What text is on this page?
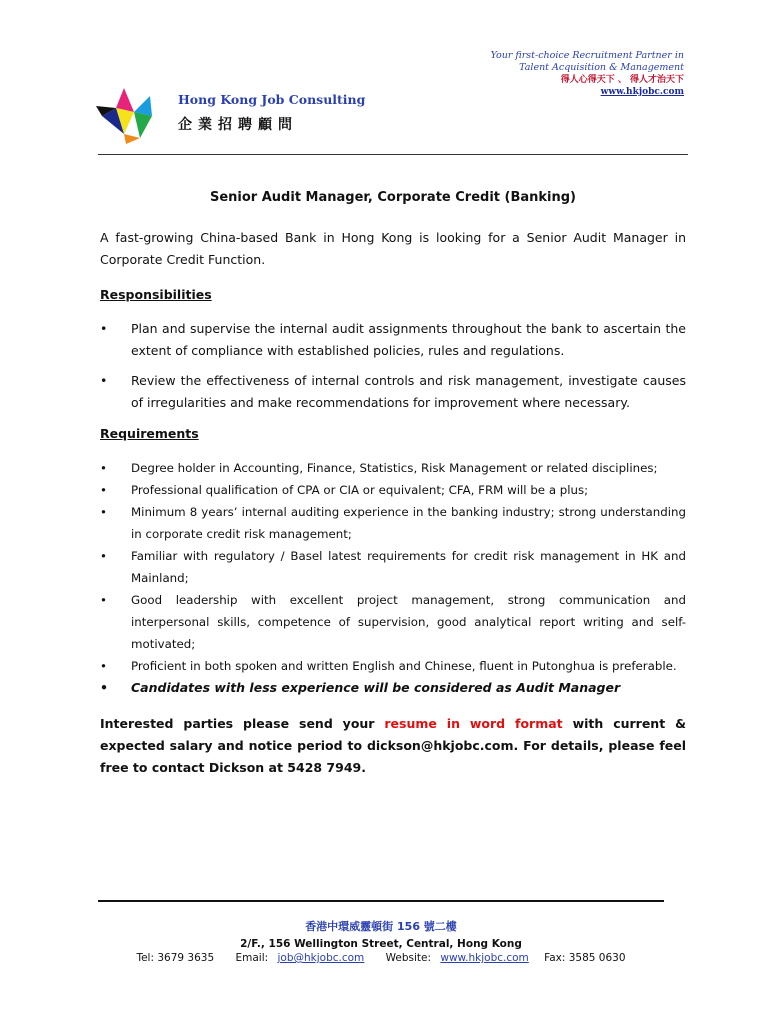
Your first-choice Recruitment Partner in
Talent Acquisition & Management
得人心得天下 、 得人才治天下
www.hkjobc.com
Hong Kong Job Consulting
企業招聘顧問
Senior Audit Manager, Corporate Credit (Banking)

A fast-growing China-based Bank in Hong Kong is looking for a Senior Audit Manager in Corporate Credit Function.

Responsibilities
• Plan and supervise the internal audit assignments throughout the bank to ascertain the extent of compliance with established policies, rules and regulations.
• Review the effectiveness of internal controls and risk management, investigate causes of irregularities and make recommendations for improvement where necessary.
Requirements
• Degree holder in Accounting, Finance, Statistics, Risk Management or related disciplines;
• Professional qualification of CPA or CIA or equivalent; CFA, FRM will be a plus;
• Minimum 8 years’ internal auditing experience in the banking industry; strong understanding in corporate credit risk management;
• Familiar with regulatory / Basel latest requirements for credit risk management in HK and Mainland;
• Good leadership with excellent project management, strong communication and interpersonal skills, competence of supervision, good analytical report writing and self-motivated;
• Proficient in both spoken and written English and Chinese, fluent in Putonghua is preferable.
• Candidates with less experience will be considered as Audit Manager

Interested parties please send your resume in word format with current & expected salary and notice period to dickson@hkjobc.com. For details, please feel free to contact Dickson at 5428 7949.

香港中環威靈頓街 156 號二樓
2/F., 156 Wellington Street, Central, Hong Kong
Tel: 3679 3635 Email: job@hkjobc.com Website: www.hkjobc.com Fax: 3585 0630
